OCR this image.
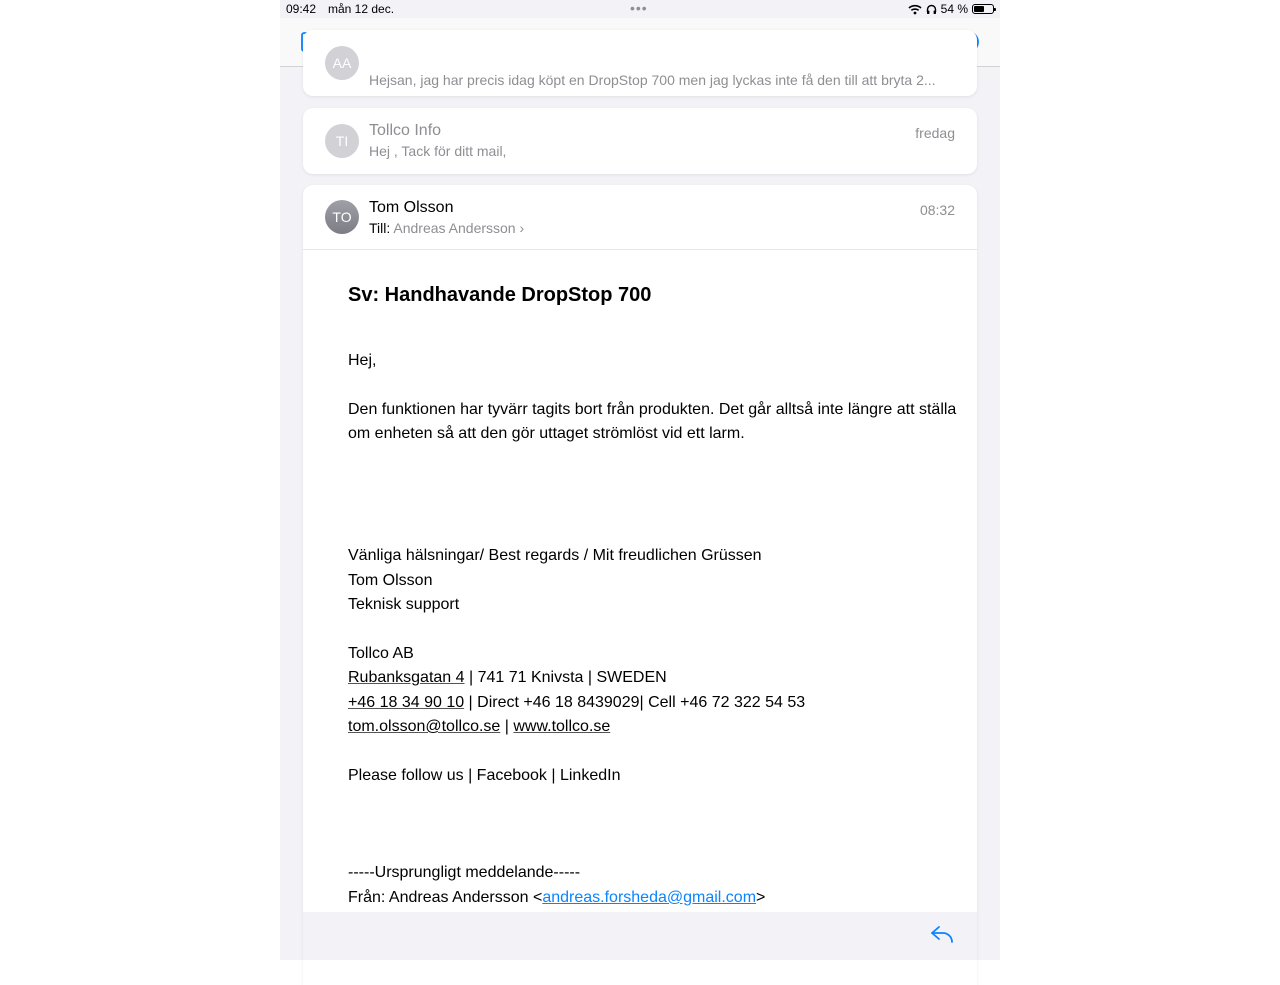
09:42 mån 12 dec.	•••	54 %
AA
Hejsan, jag har precis idag köpt en DropStop 700 men jag lyckas inte få den till att bryta 2...
TI
Tollco Info	fredag
Hej , Tack för ditt mail,
TO
Tom Olsson	08:32
Till: Andreas Andersson ›
Sv: Handhavande DropStop 700
Hej,
Den funktionen har tyvärr tagits bort från produkten. Det går alltså inte längre att ställa
om enheten så att den gör uttaget strömlöst vid ett larm.
Vänliga hälsningar/ Best regards / Mit freudlichen Grüssen
Tom Olsson
Teknisk support
Tollco AB
Rubanksgatan 4 | 741 71 Knivsta | SWEDEN
+46 18 34 90 10 | Direct +46 18 8439029| Cell +46 72 322 54 53
tom.olsson@tollco.se | www.tollco.se
Please follow us | Facebook | LinkedIn
-----Ursprungligt meddelande-----
Från: Andreas Andersson <andreas.forsheda@gmail.com>
